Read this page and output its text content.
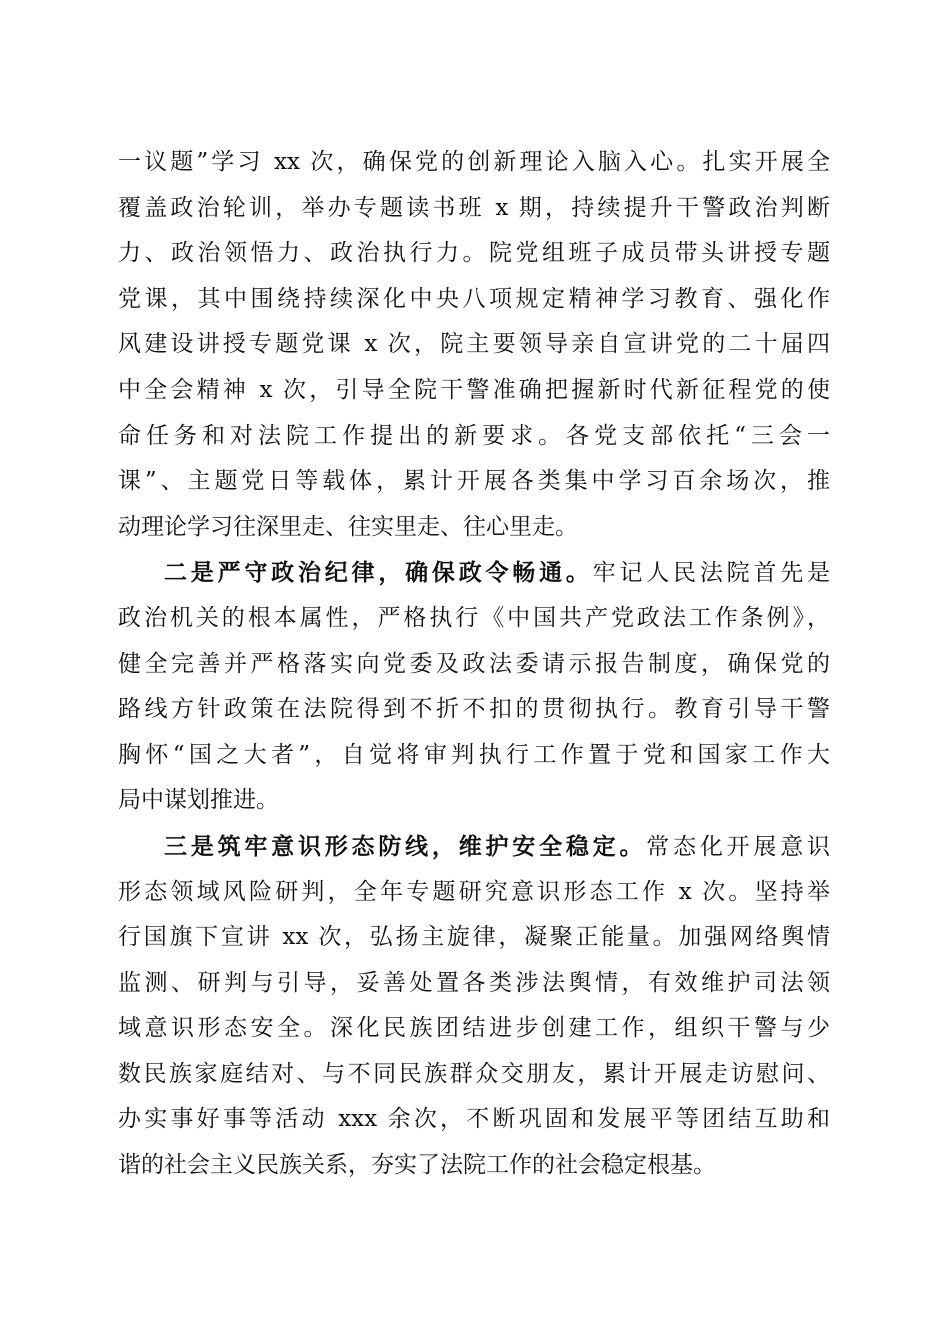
一议题”学习 xx 次，确保党的创新理论入脑入心。扎实开展全
覆盖政治轮训，举办专题读书班 x 期，持续提升干警政治判断
力、政治领悟力、政治执行力。院党组班子成员带头讲授专题
党课，其中围绕持续深化中央八项规定精神学习教育、强化作
风建设讲授专题党课 x 次，院主要领导亲自宣讲党的二十届四
中全会精神 x 次，引导全院干警准确把握新时代新征程党的使
命任务和对法院工作提出的新要求。各党支部依托“三会一
课”、主题党日等载体，累计开展各类集中学习百余场次，推
动理论学习往深里走、往实里走、往心里走。
二是严守政治纪律，确保政令畅通。牢记人民法院首先是
政治机关的根本属性，严格执行《中国共产党政法工作条例》，
健全完善并严格落实向党委及政法委请示报告制度，确保党的
路线方针政策在法院得到不折不扣的贯彻执行。教育引导干警
胸怀“国之大者”，自觉将审判执行工作置于党和国家工作大
局中谋划推进。
三是筑牢意识形态防线，维护安全稳定。常态化开展意识
形态领域风险研判，全年专题研究意识形态工作 x 次。坚持举
行国旗下宣讲 xx 次，弘扬主旋律，凝聚正能量。加强网络舆情
监测、研判与引导，妥善处置各类涉法舆情，有效维护司法领
域意识形态安全。深化民族团结进步创建工作，组织干警与少
数民族家庭结对、与不同民族群众交朋友，累计开展走访慰问、
办实事好事等活动 xxx 余次，不断巩固和发展平等团结互助和
谐的社会主义民族关系，夯实了法院工作的社会稳定根基。
